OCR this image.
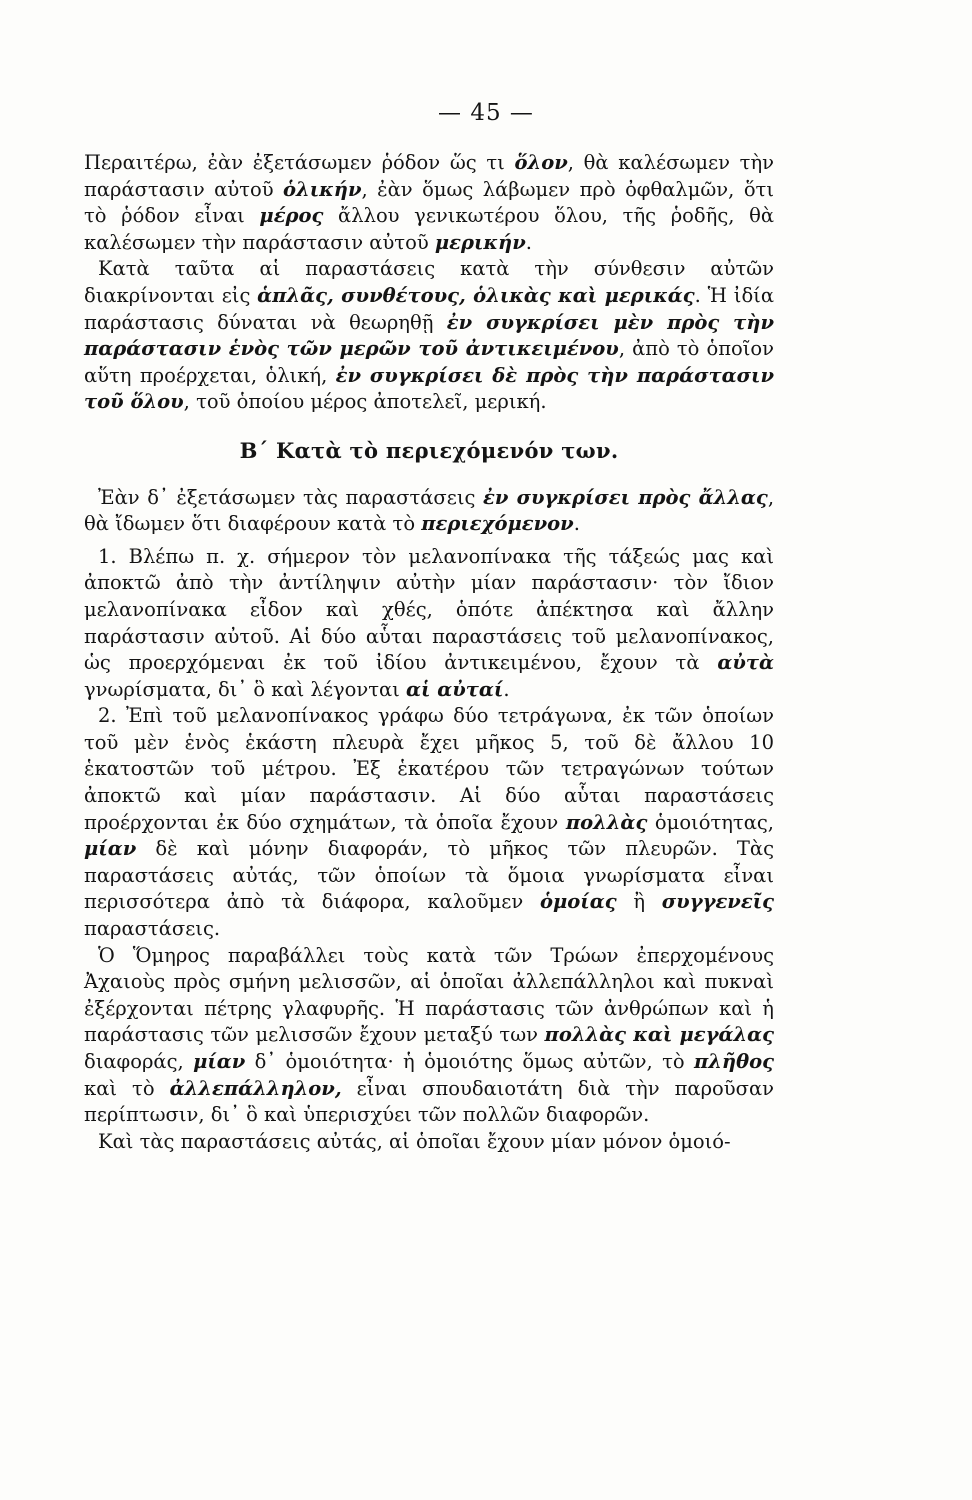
— 45 —

Περαιτέρω, ἐὰν ἐξετάσωμεν ῥόδον ὥς τι ὅλον, θὰ καλέσωμεν τὴν παράστασιν αὐτοῦ ὁλικήν, ἐὰν ὅμως λάβωμεν πρὸ ὀφθαλμῶν, ὅτι τὸ ῥόδον εἶναι μέρος ἄλλου γενικωτέρου ὅλου, τῆς ῥοδῆς, θὰ καλέσωμεν τὴν παράστασιν αὐτοῦ μερικήν.

Κατὰ ταῦτα αἱ παραστάσεις κατὰ τὴν σύνθεσιν αὐτῶν διακρίνονται εἰς ἁπλᾶς, συνθέτους, ὁλικὰς καὶ μερικάς. Ἡ ἰδία παράστασις δύναται νὰ θεωρηθῇ ἐν συγκρίσει μὲν πρὸς τὴν παράστασιν ἑνὸς τῶν μερῶν τοῦ ἀντικειμένου, ἀπὸ τὸ ὁποῖον αὕτη προέρχεται, ὁλική, ἐν συγκρίσει δὲ πρὸς τὴν παράστασιν τοῦ ὅλου, τοῦ ὁποίου μέρος ἀποτελεῖ, μερική.

Β΄ Κατὰ τὸ περιεχόμενόν των.

Ἐὰν δ᾽ ἐξετάσωμεν τὰς παραστάσεις ἐν συγκρίσει πρὸς ἄλλας, θὰ ἴδωμεν ὅτι διαφέρουν κατὰ τὸ περιεχόμενον.

1. Βλέπω π. χ. σήμερον τὸν μελανοπίνακα τῆς τάξεώς μας καὶ ἀποκτῶ ἀπὸ τὴν ἀντίληψιν αὐτὴν μίαν παράστασιν· τὸν ἴδιον μελανοπίνακα εἶδον καὶ χθές, ὁπότε ἀπέκτησα καὶ ἄλλην παράστασιν αὐτοῦ. Αἱ δύο αὗται παραστάσεις τοῦ μελανοπίνακος, ὡς προερχόμεναι ἐκ τοῦ ἰδίου ἀντικειμένου, ἔχουν τὰ αὐτὰ γνωρίσματα, δι᾽ ὃ καὶ λέγονται αἱ αὐταί.

2. Ἐπὶ τοῦ μελανοπίνακος γράφω δύο τετράγωνα, ἐκ τῶν ὁποίων τοῦ μὲν ἑνὸς ἑκάστη πλευρὰ ἔχει μῆκος 5, τοῦ δὲ ἄλλου 10 ἑκατοστῶν τοῦ μέτρου. Ἐξ ἑκατέρου τῶν τετραγώνων τούτων ἀποκτῶ καὶ μίαν παράστασιν. Αἱ δύο αὗται παραστάσεις προέρχονται ἐκ δύο σχημάτων, τὰ ὁποῖα ἔχουν πολλὰς ὁμοιότητας, μίαν δὲ καὶ μόνην διαφοράν, τὸ μῆκος τῶν πλευρῶν. Τὰς παραστάσεις αὐτάς, τῶν ὁποίων τὰ ὅμοια γνωρίσματα εἶναι περισσότερα ἀπὸ τὰ διάφορα, καλοῦμεν ὁμοίας ἢ συγγενεῖς παραστάσεις.

Ὁ Ὅμηρος παραβάλλει τοὺς κατὰ τῶν Τρώων ἐπερχομένους Ἀχαιοὺς πρὸς σμήνη μελισσῶν, αἱ ὁποῖαι ἀλλεπάλληλοι καὶ πυκναὶ ἐξέρχονται πέτρης γλαφυρῆς. Ἡ παράστασις τῶν ἀνθρώπων καὶ ἡ παράστασις τῶν μελισσῶν ἔχουν μεταξύ των πολλὰς καὶ μεγάλας διαφοράς, μίαν δ᾽ ὁμοιότητα· ἡ ὁμοιότης ὅμως αὐτῶν, τὸ πλῆθος καὶ τὸ ἀλλεπάλληλον, εἶναι σπουδαιοτάτη διὰ τὴν παροῦσαν περίπτωσιν, δι᾽ ὃ καὶ ὑπερισχύει τῶν πολλῶν διαφορῶν.

Καὶ τὰς παραστάσεις αὐτάς, αἱ ὁποῖαι ἔχουν μίαν μόνον ὁμοιό-
